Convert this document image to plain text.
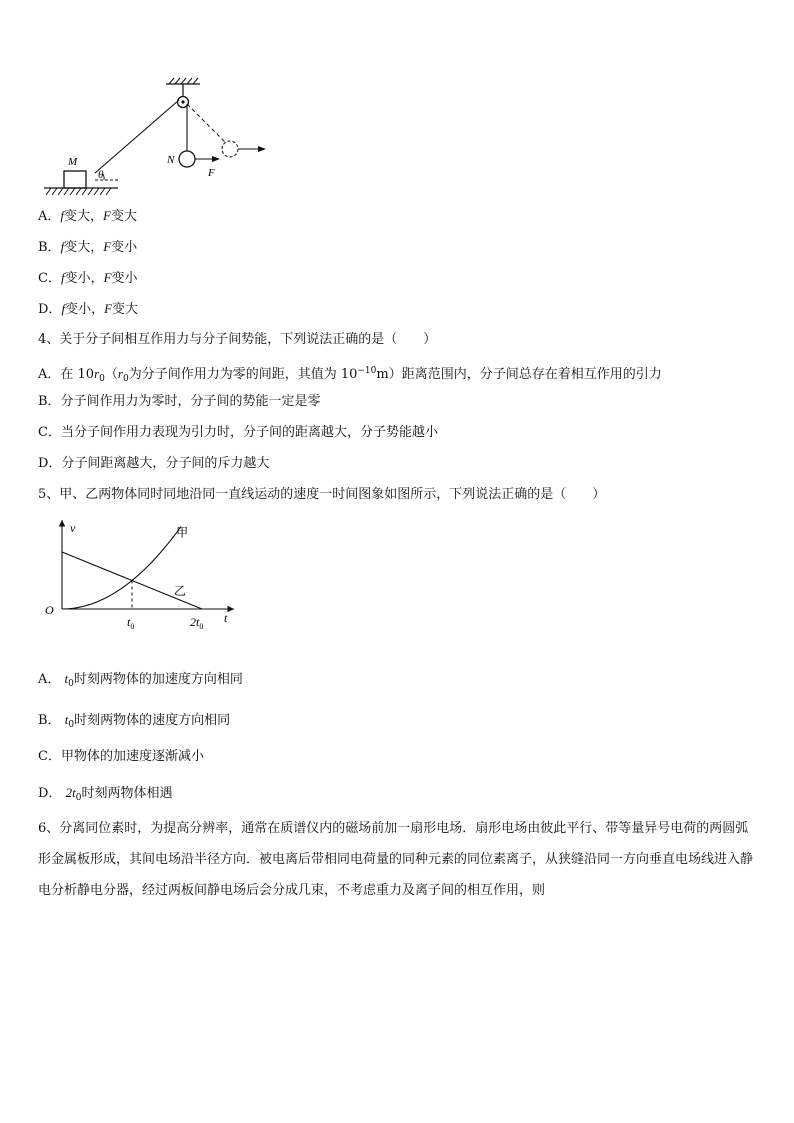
M
θ
N
F
A．f变大，F变大
B．f变大，F变小
C．f变小，F变小
D．f变小，F变大
4、关于分子间相互作用力与分子间势能，下列说法正确的是（　　）
A．在 $10r_0(r_0$为分子间作用力为零的间距，其值为 $10^{-10}m$）距离范围内，分子间总存在着相互作用的引力
B．分子间作用力为零时，分子间的势能一定是零
C．当分子间作用力表现为引力时，分子间的距离越大，分子势能越小
D．分子间距离越大，分子间的斥力越大
5、甲、乙两物体同时同地沿同一直线运动的速度一时间图象如图所示，下列说法正确的是（　　）
v
t
O
甲
乙
$t_0$	$2t_0$
A． $t_0$时刻两物体的加速度方向相同
B． $t_0$时刻两物体的速度方向相同
C．甲物体的加速度逐渐减小
D． $2t_0$时刻两物体相遇
6、分离同位素时，为提高分辨率，通常在质谱仪内的磁场前加一扇形电场．扇形电场由彼此平行、带等量异号电荷的两圆弧形金属板形成，其间电场沿半径方向．被电离后带相同电荷量的同种元素的同位素离子，从狭缝沿同一方向垂直电场线进入静电分析静电分器，经过两板间静电场后会分成几束，不考虑重力及离子间的相互作用，则
